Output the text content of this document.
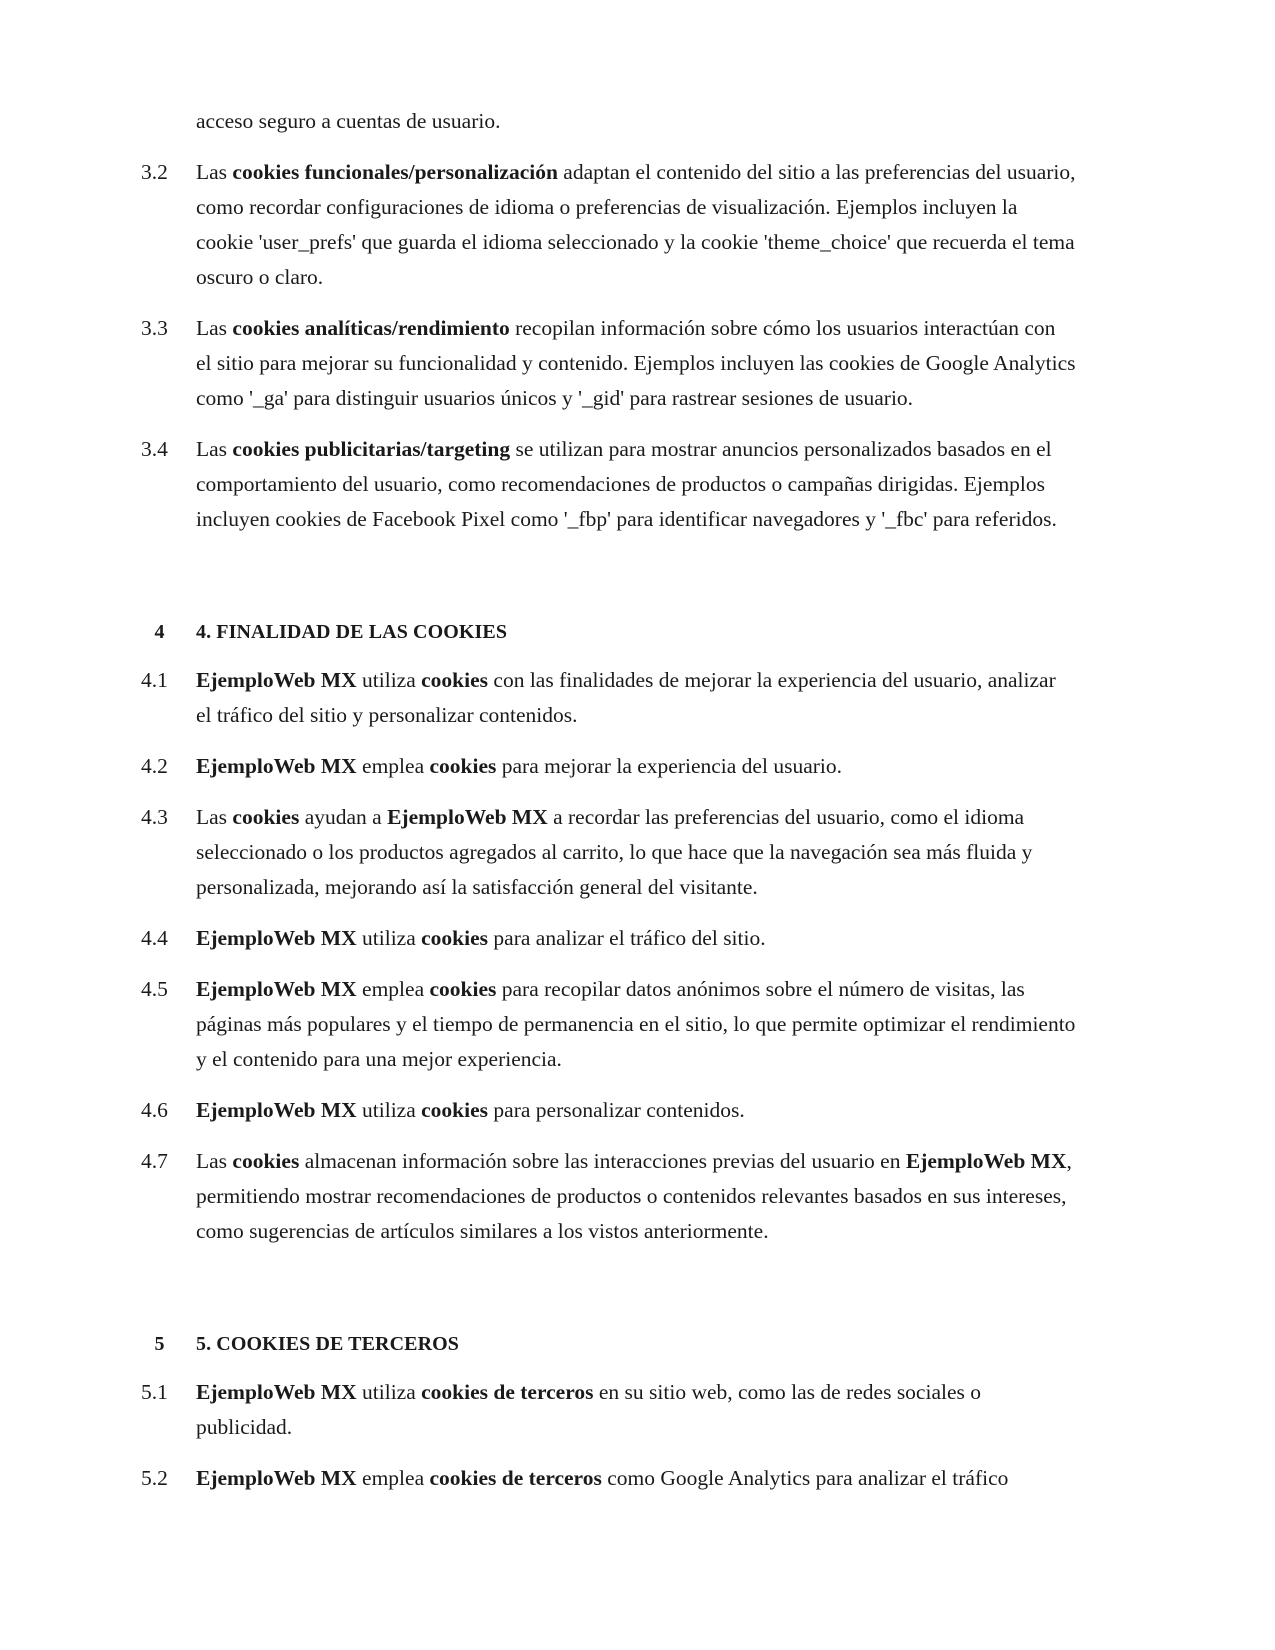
acceso seguro a cuentas de usuario.

3.2	Las cookies funcionales/personalización adaptan el contenido del sitio a las preferencias del usuario, como recordar configuraciones de idioma o preferencias de visualización. Ejemplos incluyen la cookie 'user_prefs' que guarda el idioma seleccionado y la cookie 'theme_choice' que recuerda el tema oscuro o claro.
3.3	Las cookies analíticas/rendimiento recopilan información sobre cómo los usuarios interactúan con el sitio para mejorar su funcionalidad y contenido. Ejemplos incluyen las cookies de Google Analytics como '_ga' para distinguir usuarios únicos y '_gid' para rastrear sesiones de usuario.
3.4	Las cookies publicitarias/targeting se utilizan para mostrar anuncios personalizados basados en el comportamiento del usuario, como recomendaciones de productos o campañas dirigidas. Ejemplos incluyen cookies de Facebook Pixel como '_fbp' para identificar navegadores y '_fbc' para referidos.
4	4. FINALIDAD DE LAS COOKIES
4.1	EjemploWeb MX utiliza cookies con las finalidades de mejorar la experiencia del usuario, analizar el tráfico del sitio y personalizar contenidos.
4.2	EjemploWeb MX emplea cookies para mejorar la experiencia del usuario.
4.3	Las cookies ayudan a EjemploWeb MX a recordar las preferencias del usuario, como el idioma seleccionado o los productos agregados al carrito, lo que hace que la navegación sea más fluida y personalizada, mejorando así la satisfacción general del visitante.
4.4	EjemploWeb MX utiliza cookies para analizar el tráfico del sitio.
4.5	EjemploWeb MX emplea cookies para recopilar datos anónimos sobre el número de visitas, las páginas más populares y el tiempo de permanencia en el sitio, lo que permite optimizar el rendimiento y el contenido para una mejor experiencia.
4.6	EjemploWeb MX utiliza cookies para personalizar contenidos.
4.7	Las cookies almacenan información sobre las interacciones previas del usuario en EjemploWeb MX, permitiendo mostrar recomendaciones de productos o contenidos relevantes basados en sus intereses, como sugerencias de artículos similares a los vistos anteriormente.
5	5. COOKIES DE TERCEROS
5.1	EjemploWeb MX utiliza cookies de terceros en su sitio web, como las de redes sociales o publicidad.
5.2	EjemploWeb MX emplea cookies de terceros como Google Analytics para analizar el tráfico
